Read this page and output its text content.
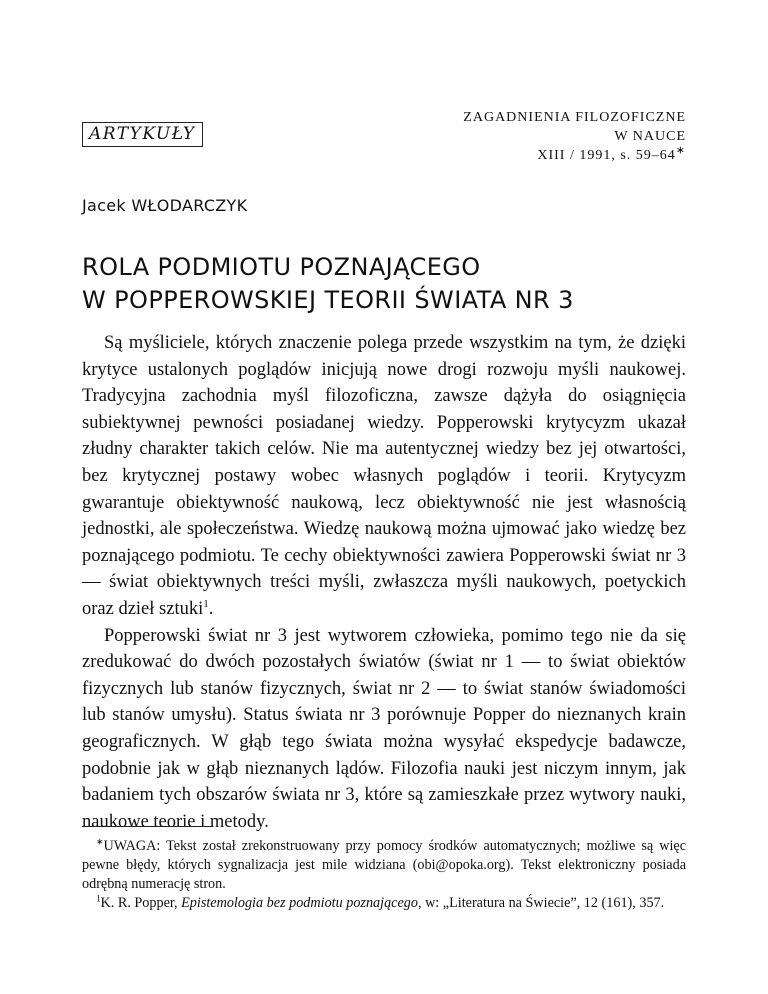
ARTYKUŁY
ZAGADNIENIA FILOZOFICZNE
W NAUCE
XIII / 1991, s. 59–64∗
Jacek WŁODARCZYK
ROLA PODMIOTU POZNAJĄCEGO
W POPPEROWSKIEJ TEORII ŚWIATA NR 3

Są myśliciele, których znaczenie polega przede wszystkim na tym, że dzięki krytyce ustalonych poglądów inicjują nowe drogi rozwoju myśli naukowej. Tradycyjna zachodnia myśl filozoficzna, zawsze dążyła do osiągnięcia subiektywnej pewności posiadanej wiedzy. Popperowski krytycyzm ukazał złudny charakter takich celów. Nie ma autentycznej wiedzy bez jej otwartości, bez krytycznej postawy wobec własnych poglądów i teorii. Krytycyzm gwarantuje obiektywność naukową, lecz obiektywność nie jest własnością jednostki, ale społeczeństwa. Wiedzę naukową można ujmować jako wiedzę bez poznającego podmiotu. Te cechy obiektywności zawiera Popperowski świat nr 3 — świat obiektywnych treści myśli, zwłaszcza myśli naukowych, poetyckich oraz dzieł sztuki$^1$.

Popperowski świat nr 3 jest wytworem człowieka, pomimo tego nie da się zredukować do dwóch pozostałych światów (świat nr 1 — to świat obiektów fizycznych lub stanów fizycznych, świat nr 2 — to świat stanów świadomości lub stanów umysłu). Status świata nr 3 porównuje Popper do nieznanych krain geograficznych. W głąb tego świata można wysyłać ekspedycje badawcze, podobnie jak w głąb nieznanych lądów. Filozofia nauki jest niczym innym, jak badaniem tych obszarów świata nr 3, które są zamieszkałe przez wytwory nauki, naukowe teorie i metody.

∗UWAGA: Tekst został zrekonstruowany przy pomocy środków automatycznych; możliwe są więc pewne błędy, których sygnalizacja jest mile widziana (obi@opoka.org). Tekst elektroniczny posiada odrębną numerację stron.

$^1$K. R. Popper, Epistemologia bez podmiotu poznającego, w: „Literatura na Świecie”, 12 (161), 357.
